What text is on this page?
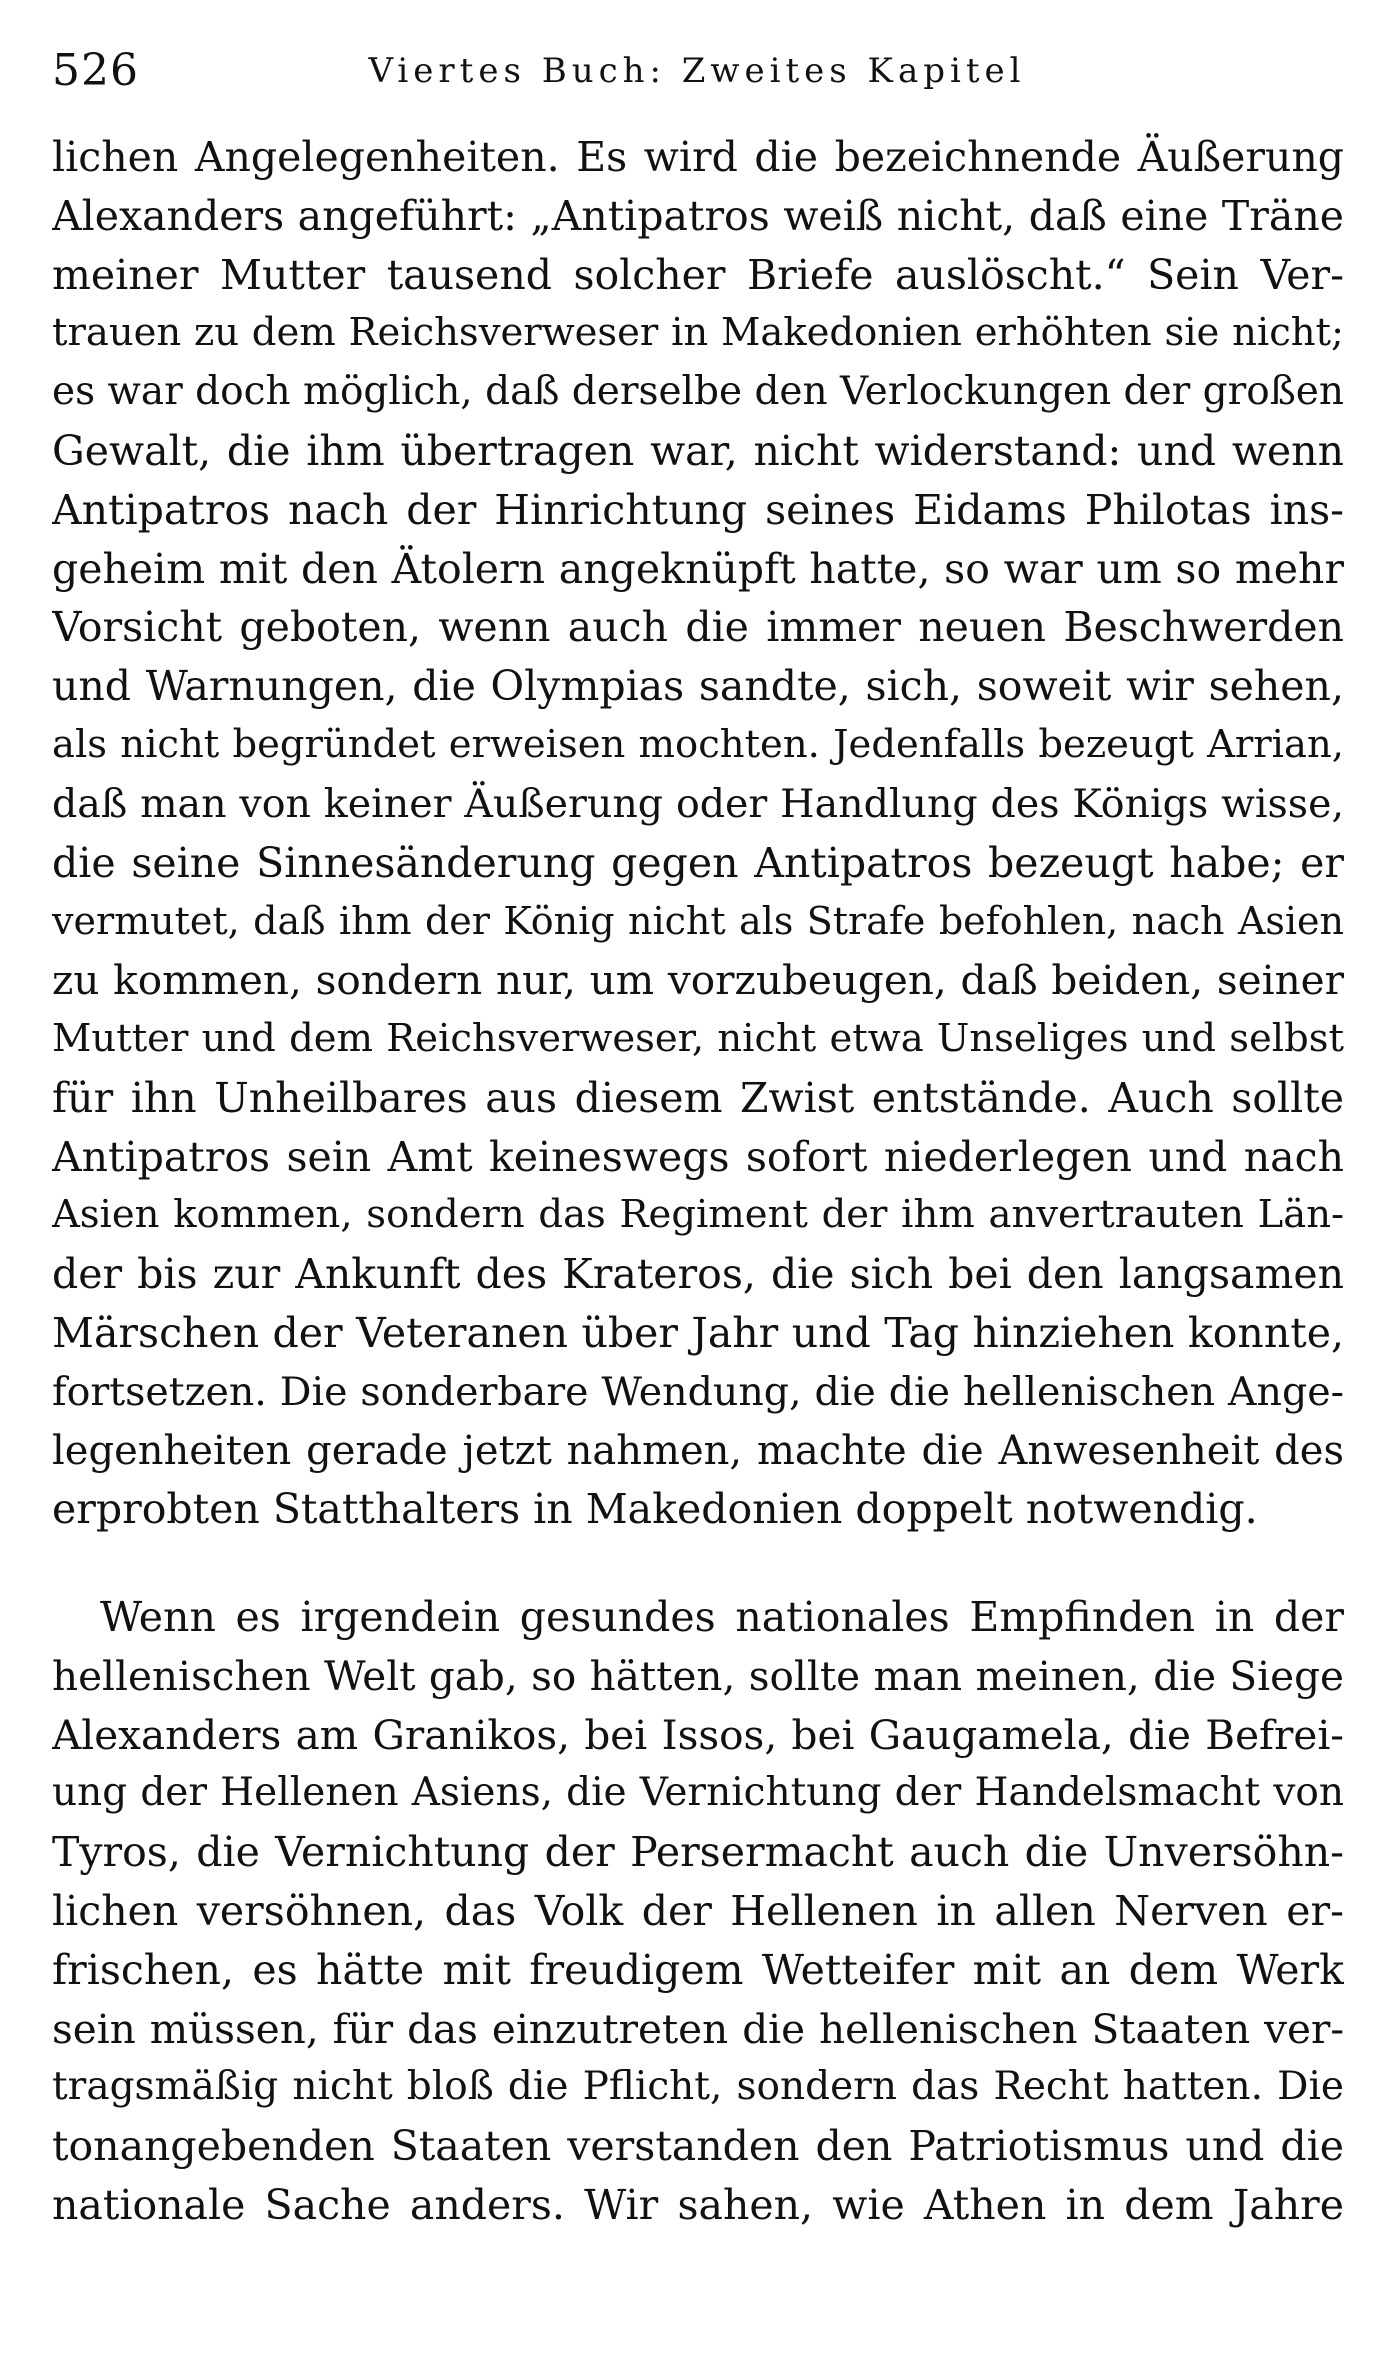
526	Viertes Buch: Zweites Kapitel
lichen Angelegenheiten. Es wird die bezeichnende Äußerung
Alexanders angeführt: „Antipatros weiß nicht, daß eine Träne
meiner Mutter tausend solcher Briefe auslöscht.“ Sein Ver-
trauen zu dem Reichsverweser in Makedonien erhöhten sie nicht;
es war doch möglich, daß derselbe den Verlockungen der großen
Gewalt, die ihm übertragen war, nicht widerstand: und wenn
Antipatros nach der Hinrichtung seines Eidams Philotas ins-
geheim mit den Ätolern angeknüpft hatte, so war um so mehr
Vorsicht geboten, wenn auch die immer neuen Beschwerden
und Warnungen, die Olympias sandte, sich, soweit wir sehen,
als nicht begründet erweisen mochten. Jedenfalls bezeugt Arrian,
daß man von keiner Äußerung oder Handlung des Königs wisse,
die seine Sinnesänderung gegen Antipatros bezeugt habe; er
vermutet, daß ihm der König nicht als Strafe befohlen, nach Asien
zu kommen, sondern nur, um vorzubeugen, daß beiden, seiner
Mutter und dem Reichsverweser, nicht etwa Unseliges und selbst
für ihn Unheilbares aus diesem Zwist entstände. Auch sollte
Antipatros sein Amt keineswegs sofort niederlegen und nach
Asien kommen, sondern das Regiment der ihm anvertrauten Län-
der bis zur Ankunft des Krateros, die sich bei den langsamen
Märschen der Veteranen über Jahr und Tag hinziehen konnte,
fortsetzen. Die sonderbare Wendung, die die hellenischen Ange-
legenheiten gerade jetzt nahmen, machte die Anwesenheit des
erprobten Statthalters in Makedonien doppelt notwendig.
Wenn es irgendein gesundes nationales Empfinden in der
hellenischen Welt gab, so hätten, sollte man meinen, die Siege
Alexanders am Granikos, bei Issos, bei Gaugamela, die Befrei-
ung der Hellenen Asiens, die Vernichtung der Handelsmacht von
Tyros, die Vernichtung der Persermacht auch die Unversöhn-
lichen versöhnen, das Volk der Hellenen in allen Nerven er-
frischen, es hätte mit freudigem Wetteifer mit an dem Werk
sein müssen, für das einzutreten die hellenischen Staaten ver-
tragsmäßig nicht bloß die Pflicht, sondern das Recht hatten. Die
tonangebenden Staaten verstanden den Patriotismus und die
nationale Sache anders. Wir sahen, wie Athen in dem Jahre
